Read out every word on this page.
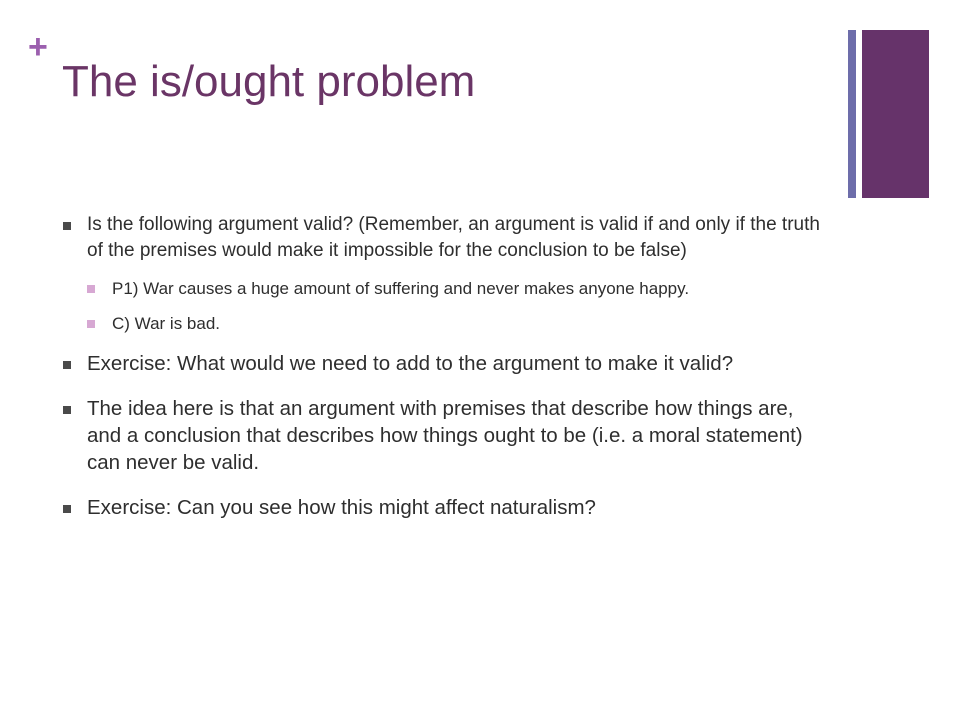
+
The is/ought problem
Is the following argument valid? (Remember, an argument is valid if and only if the truth of the premises would make it impossible for the conclusion to be false)
P1) War causes a huge amount of suffering and never makes anyone happy.
C) War is bad.
Exercise: What would we need to add to the argument to make it valid?
The idea here is that an argument with premises that describe how things are, and a conclusion that describes how things ought to be (i.e. a moral statement) can never be valid.
Exercise: Can you see how this might affect naturalism?
